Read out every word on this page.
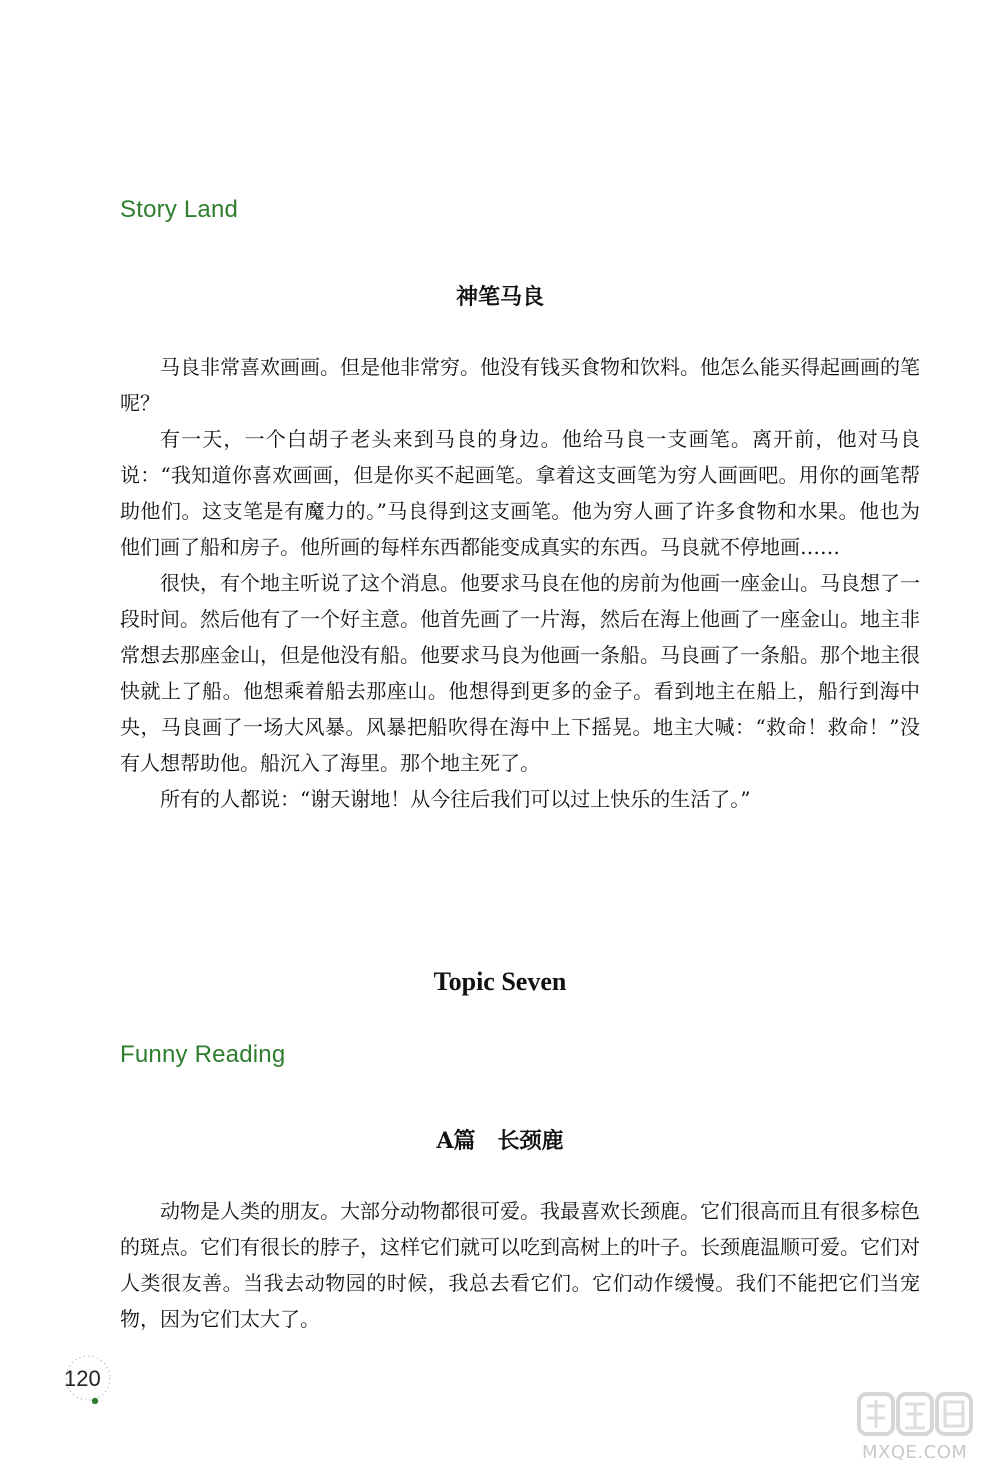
Story Land
神笔马良

马良非常喜欢画画。但是他非常穷。他没有钱买食物和饮料。他怎么能买得起画画的笔呢？

有一天，一个白胡子老头来到马良的身边。他给马良一支画笔。离开前，他对马良说：“我知道你喜欢画画，但是你买不起画笔。拿着这支画笔为穷人画画吧。用你的画笔帮助他们。这支笔是有魔力的。”马良得到这支画笔。他为穷人画了许多食物和水果。他也为他们画了船和房子。他所画的每样东西都能变成真实的东西。马良就不停地画……

很快，有个地主听说了这个消息。他要求马良在他的房前为他画一座金山。马良想了一段时间。然后他有了一个好主意。他首先画了一片海，然后在海上他画了一座金山。地主非常想去那座金山，但是他没有船。他要求马良为他画一条船。马良画了一条船。那个地主很快就上了船。他想乘着船去那座山。他想得到更多的金子。看到地主在船上，船行到海中央，马良画了一场大风暴。风暴把船吹得在海中上下摇晃。地主大喊：“救命！救命！”没有人想帮助他。船沉入了海里。那个地主死了。

所有的人都说：“谢天谢地！从今往后我们可以过上快乐的生活了。”

Topic Seven
Funny Reading
A篇　长颈鹿

动物是人类的朋友。大部分动物都很可爱。我最喜欢长颈鹿。它们很高而且有很多棕色的斑点。它们有很长的脖子，这样它们就可以吃到高树上的叶子。长颈鹿温顺可爱。它们对人类很友善。当我去动物园的时候，我总去看它们。它们动作缓慢。我们不能把它们当宠物，因为它们太大了。

120
MXQE.COM
